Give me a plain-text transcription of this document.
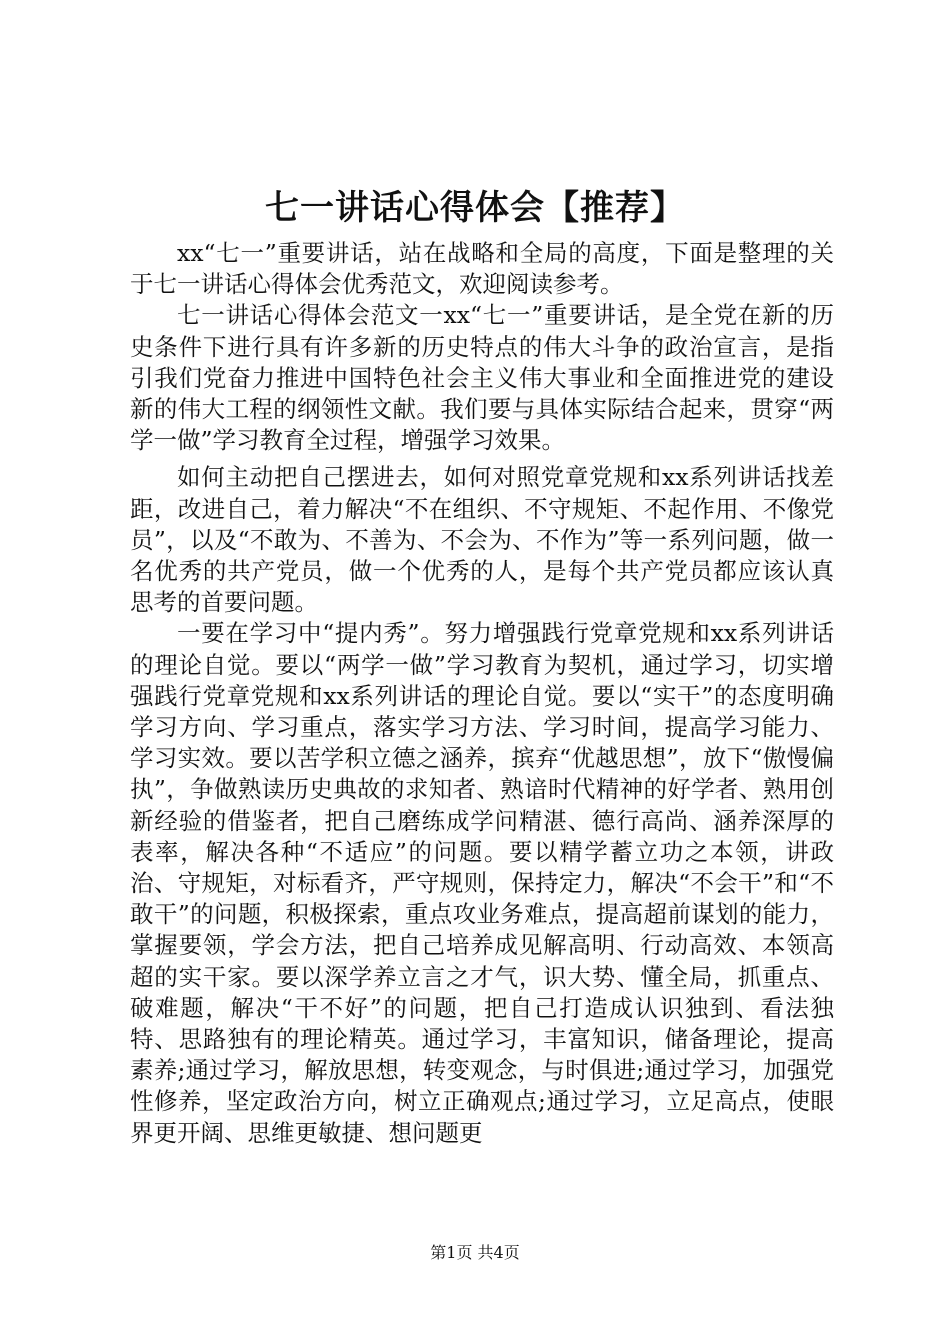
七一讲话心得体会【推荐】

xx“七一”重要讲话，站在战略和全局的高度，下面是整理的关于七一讲话心得体会优秀范文，欢迎阅读参考。

七一讲话心得体会范文一xx“七一”重要讲话，是全党在新的历史条件下进行具有许多新的历史特点的伟大斗争的政治宣言，是指引我们党奋力推进中国特色社会主义伟大事业和全面推进党的建设新的伟大工程的纲领性文献。我们要与具体实际结合起来，贯穿“两学一做”学习教育全过程，增强学习效果。

如何主动把自己摆进去，如何对照党章党规和xx系列讲话找差距，改进自己，着力解决“不在组织、不守规矩、不起作用、不像党员”，以及“不敢为、不善为、不会为、不作为”等一系列问题，做一名优秀的共产党员，做一个优秀的人，是每个共产党员都应该认真思考的首要问题。

一要在学习中“提内秀”。努力增强践行党章党规和xx系列讲话的理论自觉。要以“两学一做”学习教育为契机，通过学习，切实增强践行党章党规和xx系列讲话的理论自觉。要以“实干”的态度明确学习方向、学习重点，落实学习方法、学习时间，提高学习能力、学习实效。要以苦学积立德之涵养，摈弃“优越思想”，放下“傲慢偏执”，争做熟读历史典故的求知者、熟谙时代精神的好学者、熟用创新经验的借鉴者，把自己磨练成学问精湛、德行高尚、涵养深厚的表率，解决各种“不适应”的问题。要以精学蓄立功之本领，讲政治、守规矩，对标看齐，严守规则，保持定力，解决“不会干”和“不敢干”的问题，积极探索，重点攻业务难点，提高超前谋划的能力，掌握要领，学会方法，把自己培养成见解高明、行动高效、本领高超的实干家。要以深学养立言之才气，识大势、懂全局，抓重点、破难题，解决“干不好”的问题，把自己打造成认识独到、看法独特、思路独有的理论精英。通过学习，丰富知识，储备理论，提高素养;通过学习，解放思想，转变观念，与时俱进;通过学习，加强党性修养，坚定政治方向，树立正确观点;通过学习，立足高点，使眼界更开阔、思维更敏捷、想问题更

第1页 共4页
